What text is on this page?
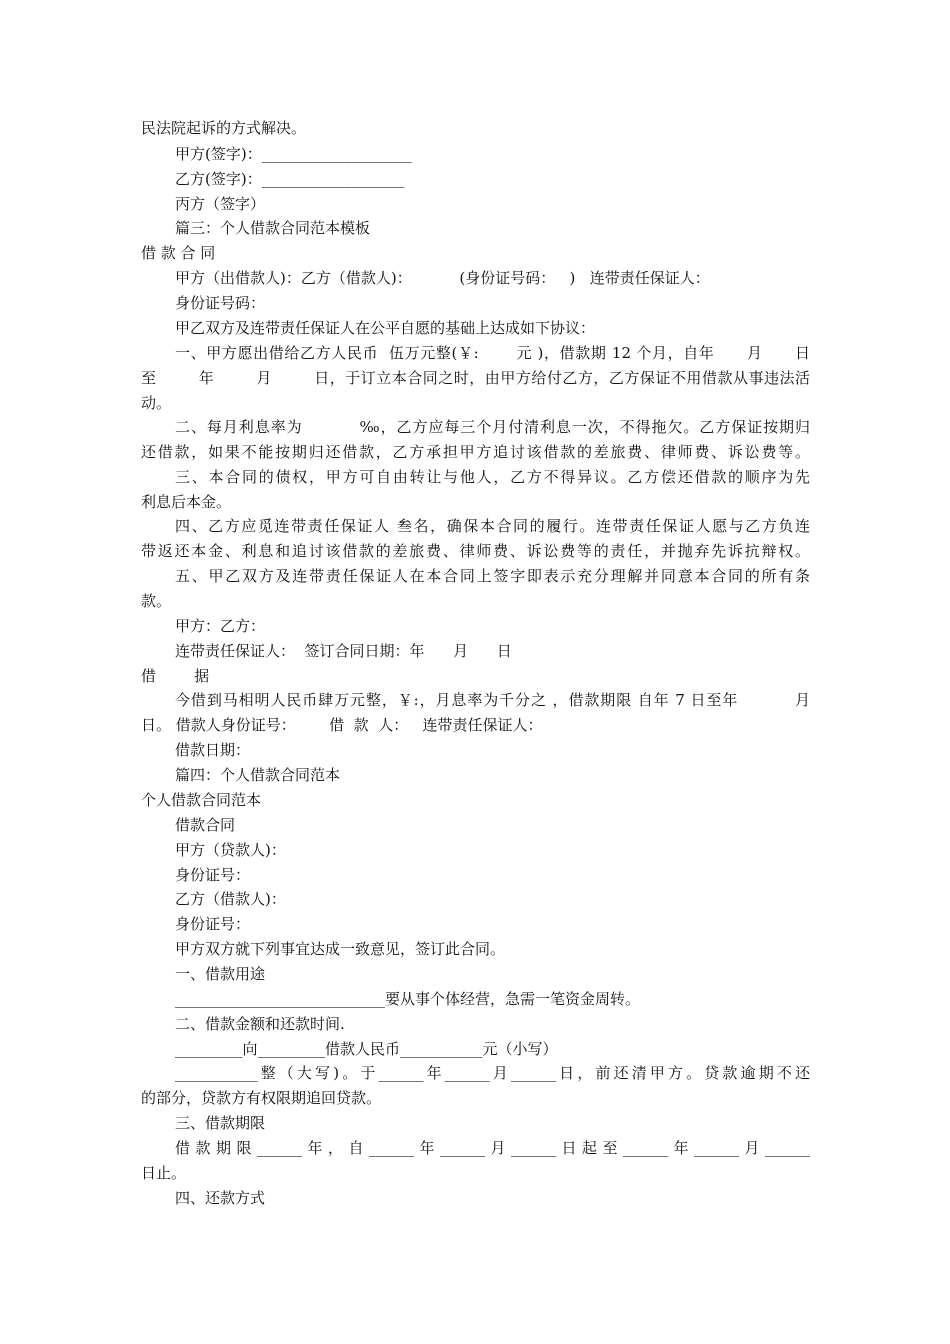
民法院起诉的方式解决。
甲方(签字)：____________________
乙方(签字)：___________________
丙方（签字）
篇三：个人借款合同范本模板
借 款 合 同
甲方（出借款人)：乙方（借款人)：          (身份证号码：   )   连带责任保证人：
身份证号码：
甲乙双方及连带责任保证人在公平自愿的基础上达成如下协议：
一、甲方愿出借给乙方人民币  伍万元整(￥:       元 )，借款期 12 个月，自年      月      日
至        年        月        日，于订立本合同之时，由甲方给付乙方，乙方保证不用借款从事违法活
动。
二、每月利息率为          ‰，乙方应每三个月付清利息一次，不得拖欠。乙方保证按期归
还借款，如果不能按期归还借款，乙方承担甲方追讨该借款的差旅费、律师费、诉讼费等。
三、本合同的债权，甲方可自由转让与他人，乙方不得异议。乙方偿还借款的顺序为先
利息后本金。
四、乙方应觅连带责任保证人 叁名，确保本合同的履行。连带责任保证人愿与乙方负连
带返还本金、利息和追讨该借款的差旅费、律师费、诉讼费等的责任，并抛弃先诉抗辩权。
五、甲乙双方及连带责任保证人在本合同上签字即表示充分理解并同意本合同的所有条
款。
甲方：乙方：
连带责任保证人：  签订合同日期：年      月      日
借        据
今借到马相明人民币肆万元整，￥:，月息率为千分之 ，借款期限 自年 7 日至年          月
日。 借款人身份证号：       借  款  人：   连带责任保证人：
借款日期：
篇四：个人借款合同范本
个人借款合同范本
借款合同
甲方（贷款人)：
身份证号：
乙方（借款人)：
身份证号：
甲方双方就下列事宜达成一致意见，签订此合同。
一、借款用途
____________________________要从事个体经营，急需一笔资金周转。
二、借款金额和还款时间.
_________向_________借款人民币___________元（小写）
___________整（大写)。于______年______月______日，前还清甲方。贷款逾期不还
的部分，贷款方有权限期追回贷款。
三、借款期限
借款期限______年，自______年______月______日起至______年______月______
日止。
四、还款方式
